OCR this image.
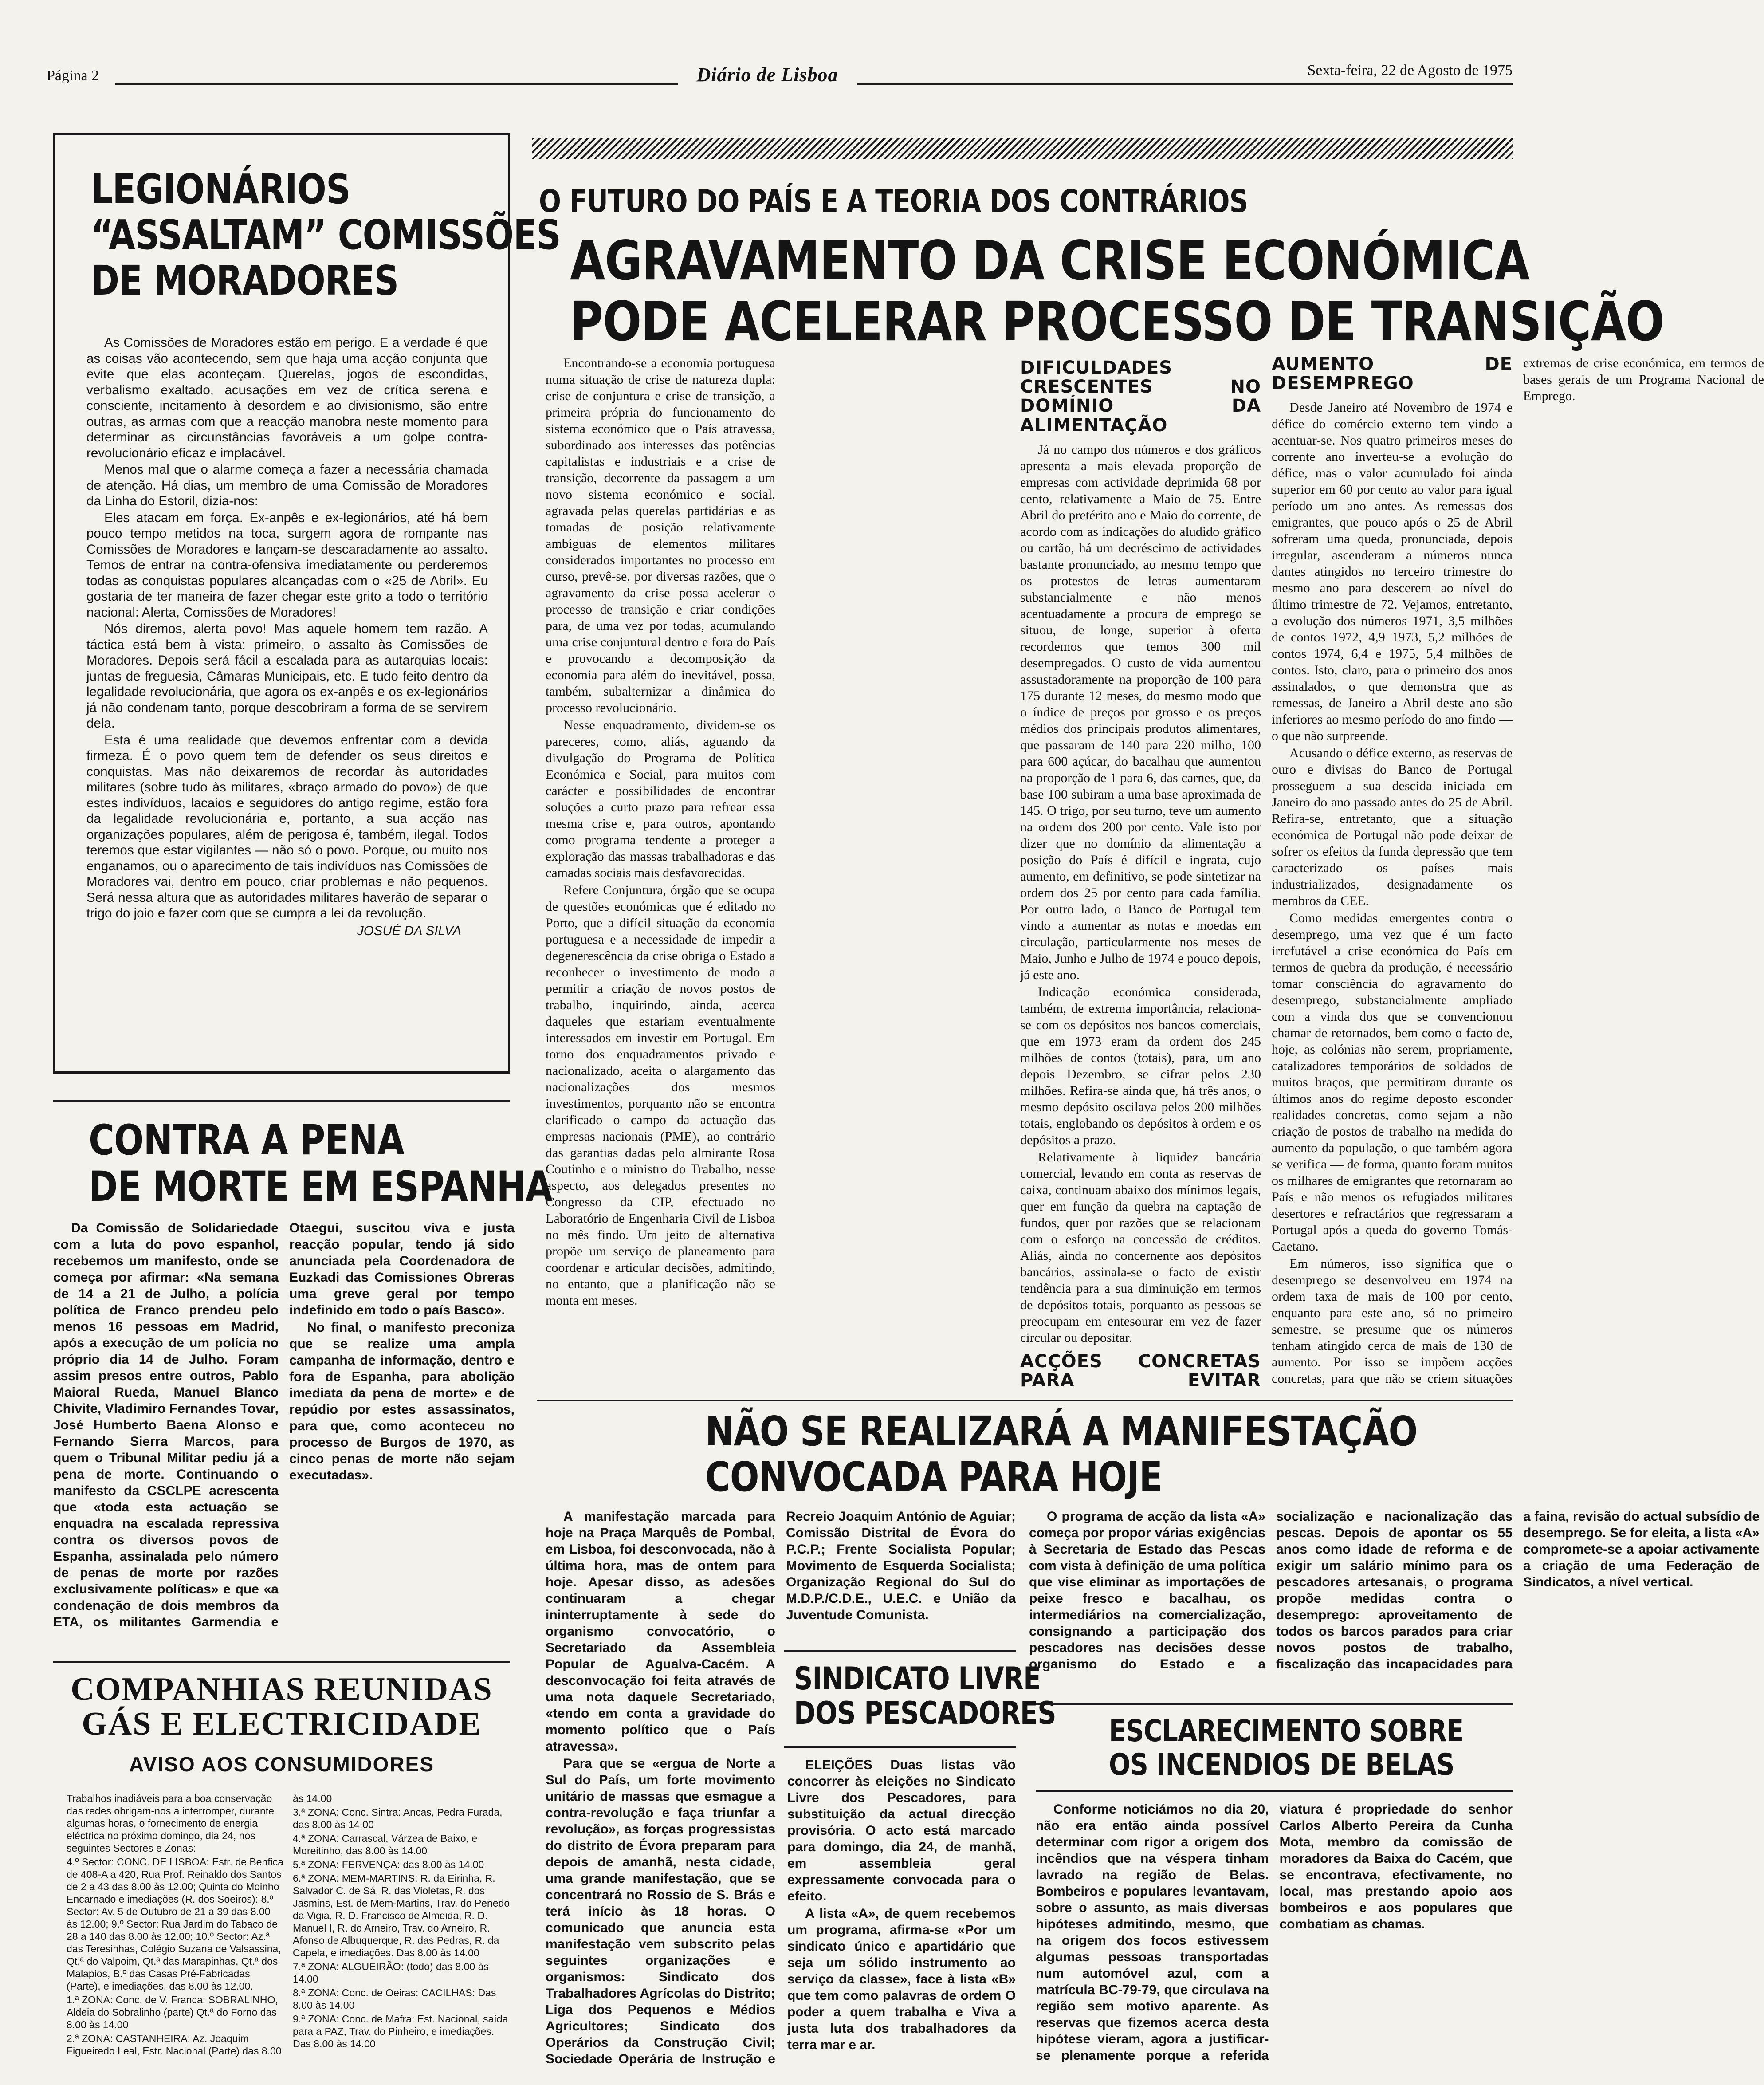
Página 2	Diário de Lisboa	Sexta-feira, 22 de Agosto de 1975
LEGIONÁRIOS
“ASSALTAM” COMISSÕES
DE MORADORES

As Comissões de Moradores estão em perigo. E a verdade é que as coisas vão acontecendo, sem que haja uma acção conjunta que evite que elas aconteçam. Querelas, jogos de escondidas, verbalismo exaltado, acusações em vez de crítica serena e consciente, incitamento à desordem e ao divisionismo, são entre outras, as armas com que a reacção manobra neste momento para determinar as circunstâncias favoráveis a um golpe contra-revolucionário eficaz e implacável.

Menos mal que o alarme começa a fazer a necessária chamada de atenção. Há dias, um membro de uma Comissão de Moradores da Linha do Estoril, dizia-nos:

Eles atacam em força. Ex-anpês e ex-legionários, até há bem pouco tempo metidos na toca, surgem agora de rompante nas Comissões de Moradores e lançam-se descaradamente ao assalto. Temos de entrar na contra-ofensiva imediatamente ou perderemos todas as conquistas populares alcançadas com o «25 de Abril». Eu gostaria de ter maneira de fazer chegar este grito a todo o território nacional: Alerta, Comissões de Moradores!

Nós diremos, alerta povo! Mas aquele homem tem razão. A táctica está bem à vista: primeiro, o assalto às Comissões de Moradores. Depois será fácil a escalada para as autarquias locais: juntas de freguesia, Câmaras Municipais, etc. E tudo feito dentro da legalidade revolucionária, que agora os ex-anpês e os ex-legionários já não condenam tanto, porque descobriram a forma de se servirem dela.

Esta é uma realidade que devemos enfrentar com a devida firmeza. É o povo quem tem de defender os seus direitos e conquistas. Mas não deixaremos de recordar às autoridades militares (sobre tudo às militares, «braço armado do povo») de que estes indivíduos, lacaios e seguidores do antigo regime, estão fora da legalidade revolucionária e, portanto, a sua acção nas organizações populares, além de perigosa é, também, ilegal. Todos teremos que estar vigilantes — não só o povo. Porque, ou muito nos enganamos, ou o aparecimento de tais indivíduos nas Comissões de Moradores vai, dentro em pouco, criar problemas e não pequenos. Será nessa altura que as autoridades militares haverão de separar o trigo do joio e fazer com que se cumpra a lei da revolução.

JOSUÉ DA SILVA

O FUTURO DO PAÍS E A TEORIA DOS CONTRÁRIOS
AGRAVAMENTO DA CRISE ECONÓMICA
PODE ACELERAR PROCESSO DE TRANSIÇÃO

Encontrando-se a economia portuguesa numa situação de crise de natureza dupla: crise de conjuntura e crise de transição, a primeira própria do funcionamento do sistema económico que o País atravessa, subordinado aos interesses das potências capitalistas e industriais e a crise de transição, decorrente da passagem a um novo sistema económico e social, agravada pelas querelas partidárias e as tomadas de posição relativamente ambíguas de elementos militares considerados importantes no processo em curso, prevê-se, por diversas razões, que o agravamento da crise possa acelerar o processo de transição e criar condições para, de uma vez por todas, acumulando uma crise conjuntural dentro e fora do País e provocando a decomposição da economia para além do inevitável, possa, também, subalternizar a dinâmica do processo revolucionário.

Nesse enquadramento, dividem-se os pareceres, como, aliás, aguando da divulgação do Programa de Política Económica e Social, para muitos com carácter e possibilidades de encontrar soluções a curto prazo para refrear essa mesma crise e, para outros, apontando como programa tendente a proteger a exploração das massas trabalhadoras e das camadas sociais mais desfavorecidas.

Refere Conjuntura, órgão que se ocupa de questões económicas que é editado no Porto, que a difícil situação da economia portuguesa e a necessidade de impedir a degenerescência da crise obriga o Estado a reconhecer o investimento de modo a permitir a criação de novos postos de trabalho, inquirindo, ainda, acerca daqueles que estariam eventualmente interessados em investir em Portugal. Em torno dos enquadramentos privado e nacionalizado, aceita o alargamento das nacionalizações dos mesmos investimentos, porquanto não se encontra clarificado o campo da actuação das empresas nacionais (PME), ao contrário das garantias dadas pelo almirante Rosa Coutinho e o ministro do Trabalho, nesse aspecto, aos delegados presentes no Congresso da CIP, efectuado no Laboratório de Engenharia Civil de Lisboa no mês findo. Um jeito de alternativa propõe um serviço de planeamento para coordenar e articular decisões, admitindo, no entanto, que a planificação não se monta em meses.

DIFICULDADES CRESCENTES NO DOMÍNIO DA ALIMENTAÇÃO

Já no campo dos números e dos gráficos apresenta a mais elevada proporção de empresas com actividade deprimida 68 por cento, relativamente a Maio de 75. Entre Abril do pretérito ano e Maio do corrente, de acordo com as indicações do aludido gráfico ou cartão, há um decréscimo de actividades bastante pronunciado, ao mesmo tempo que os protestos de letras aumentaram substancialmente e não menos acentuadamente a procura de emprego se situou, de longe, superior à oferta recordemos que temos 300 mil desempregados. O custo de vida aumentou assustadoramente na proporção de 100 para 175 durante 12 meses, do mesmo modo que o índice de preços por grosso e os preços médios dos principais produtos alimentares, que passaram de 140 para 220 milho, 100 para 600 açúcar, do bacalhau que aumentou na proporção de 1 para 6, das carnes, que, da base 100 subiram a uma base aproximada de 145. O trigo, por seu turno, teve um aumento na ordem dos 200 por cento. Vale isto por dizer que no domínio da alimentação a posição do País é difícil e ingrata, cujo aumento, em definitivo, se pode sintetizar na ordem dos 25 por cento para cada família. Por outro lado, o Banco de Portugal tem vindo a aumentar as notas e moedas em circulação, particularmente nos meses de Maio, Junho e Julho de 1974 e pouco depois, já este ano.

Indicação económica considerada, também, de extrema importância, relaciona-se com os depósitos nos bancos comerciais, que em 1973 eram da ordem dos 245 milhões de contos (totais), para, um ano depois Dezembro, se cifrar pelos 230 milhões. Refira-se ainda que, há três anos, o mesmo depósito oscilava pelos 200 milhões totais, englobando os depósitos à ordem e os depósitos a prazo.

Relativamente à liquidez bancária comercial, levando em conta as reservas de caixa, continuam abaixo dos mínimos legais, quer em função da quebra na captação de fundos, quer por razões que se relacionam com o esforço na concessão de créditos. Aliás, ainda no concernente aos depósitos bancários, assinala-se o facto de existir tendência para a sua diminuição em termos de depósitos totais, porquanto as pessoas se preocupam em entesourar em vez de fazer circular ou depositar.

ACÇÕES CONCRETAS PARA EVITAR AUMENTO DE DESEMPREGO

Desde Janeiro até Novembro de 1974 e défice do comércio externo tem vindo a acentuar-se. Nos quatro primeiros meses do corrente ano inverteu-se a evolução do défice, mas o valor acumulado foi ainda superior em 60 por cento ao valor para igual período um ano antes. As remessas dos emigrantes, que pouco após o 25 de Abril sofreram uma queda, pronunciada, depois irregular, ascenderam a números nunca dantes atingidos no terceiro trimestre do mesmo ano para descerem ao nível do último trimestre de 72. Vejamos, entretanto, a evolução dos números 1971, 3,5 milhões de contos 1972, 4,9 1973, 5,2 milhões de contos 1974, 6,4 e 1975, 5,4 milhões de contos. Isto, claro, para o primeiro dos anos assinalados, o que demonstra que as remessas, de Janeiro a Abril deste ano são inferiores ao mesmo período do ano findo — o que não surpreende.

Acusando o défice externo, as reservas de ouro e divisas do Banco de Portugal prosseguem a sua descida iniciada em Janeiro do ano passado antes do 25 de Abril. Refira-se, entretanto, que a situação económica de Portugal não pode deixar de sofrer os efeitos da funda depressão que tem caracterizado os países mais industrializados, designadamente os membros da CEE.

Como medidas emergentes contra o desemprego, uma vez que é um facto irrefutável a crise económica do País em termos de quebra da produção, é necessário tomar consciência do agravamento do desemprego, substancialmente ampliado com a vinda dos que se convencionou chamar de retornados, bem como o facto de, hoje, as colónias não serem, propriamente, catalizadores temporários de soldados de muitos braços, que permitiram durante os últimos anos do regime deposto esconder realidades concretas, como sejam a não criação de postos de trabalho na medida do aumento da população, o que também agora se verifica — de forma, quanto foram muitos os milhares de emigrantes que retornaram ao País e não menos os refugiados militares desertores e refractários que regressaram a Portugal após a queda do governo Tomás-Caetano.

Em números, isso significa que o desemprego se desenvolveu em 1974 na ordem taxa de mais de 100 por cento, enquanto para este ano, só no primeiro semestre, se presume que os números tenham atingido cerca de mais de 130 de aumento. Por isso se impõem acções concretas, para que não se criem situações extremas de crise económica, em termos de bases gerais de um Programa Nacional de Emprego.

CONTRA A PENA
DE MORTE EM ESPANHA

Da Comissão de Solidariedade com a luta do povo espanhol, recebemos um manifesto, onde se começa por afirmar: «Na semana de 14 a 21 de Julho, a polícia política de Franco prendeu pelo menos 16 pessoas em Madrid, após a execução de um polícia no próprio dia 14 de Julho. Foram assim presos entre outros, Pablo Maioral Rueda, Manuel Blanco Chivite, Vladimiro Fernandes Tovar, José Humberto Baena Alonso e Fernando Sierra Marcos, para quem o Tribunal Militar pediu já a pena de morte. Continuando o manifesto da CSCLPE acrescenta que «toda esta actuação se enquadra na escalada repressiva contra os diversos povos de Espanha, assinalada pelo número de penas de morte por razões exclusivamente políticas» e que «a condenação de dois membros da ETA, os militantes Garmendia e Otaegui, suscitou viva e justa reacção popular, tendo já sido anunciada pela Coordenadora de Euzkadi das Comissiones Obreras uma greve geral por tempo indefinido em todo o país Basco».

No final, o manifesto preconiza que se realize uma ampla campanha de informação, dentro e fora de Espanha, para abolição imediata da pena de morte» e de repúdio por estes assassinatos, para que, como aconteceu no processo de Burgos de 1970, as cinco penas de morte não sejam executadas».

COMPANHIAS REUNIDAS
GÁS E ELECTRICIDADE
AVISO AOS CONSUMIDORES

Trabalhos inadiáveis para a boa conservação das redes obrigam-nos a interromper, durante algumas horas, o fornecimento de energia eléctrica no próximo domingo, dia 24, nos seguintes Sectores e Zonas:

4.º Sector: CONC. DE LISBOA: Estr. de Benfica de 408-A a 420, Rua Prof. Reinaldo dos Santos de 2 a 43 das 8.00 às 12.00; Quinta do Moinho Encarnado e imediações (R. dos Soeiros): 8.º Sector: Av. 5 de Outubro de 21 a 39 das 8.00 às 12.00; 9.º Sector: Rua Jardim do Tabaco de 28 a 140 das 8.00 às 12.00; 10.º Sector: Az.ª das Teresinhas, Colégio Suzana de Valsassina, Qt.ª do Valpoim, Qt.ª das Marapinhas, Qt.ª dos Malapios, B.º das Casas Pré-Fabricadas (Parte), e imediações, das 8.00 às 12.00.

1.ª ZONA: Conc. de V. Franca: SOBRALINHO, Aldeia do Sobralinho (parte) Qt.ª do Forno das 8.00 às 14.00

2.ª ZONA: CASTANHEIRA: Az. Joaquim Figueiredo Leal, Estr. Nacional (Parte) das 8.00 às 14.00

3.ª ZONA: Conc. Sintra: Ancas, Pedra Furada, das 8.00 às 14.00

4.ª ZONA: Carrascal, Várzea de Baixo, e Moreitinho, das 8.00 às 14.00

5.ª ZONA: FERVENÇA: das 8.00 às 14.00

6.ª ZONA: MEM-MARTINS: R. da Eirinha, R. Salvador C. de Sá, R. das Violetas, R. dos Jasmins, Est. de Mem-Martins, Trav. do Penedo da Vigia, R. D. Francisco de Almeida, R. D. Manuel I, R. do Arneiro, Trav. do Arneiro, R. Afonso de Albuquerque, R. das Pedras, R. da Capela, e imediações. Das 8.00 às 14.00

7.ª ZONA: ALGUEIRÃO: (todo) das 8.00 às 14.00

8.ª ZONA: Conc. de Oeiras: CACILHAS: Das 8.00 às 14.00

9.ª ZONA: Conc. de Mafra: Est. Nacional, saída para a PAZ, Trav. do Pinheiro, e imediações. Das 8.00 às 14.00

NÃO SE REALIZARÁ A MANIFESTAÇÃO
CONVOCADA PARA HOJE

A manifestação marcada para hoje na Praça Marquês de Pombal, em Lisboa, foi desconvocada, não à última hora, mas de ontem para hoje. Apesar disso, as adesões continuaram a chegar ininterruptamente à sede do organismo convocatório, o Secretariado da Assembleia Popular de Agualva-Cacém. A desconvocação foi feita através de uma nota daquele Secretariado, «tendo em conta a gravidade do momento político que o País atravessa».

Para que se «ergua de Norte a Sul do País, um forte movimento unitário de massas que esmague a contra-revolução e faça triunfar a revolução», as forças progressistas do distrito de Évora preparam para depois de amanhã, nesta cidade, uma grande manifestação, que se concentrará no Rossio de S. Brás e terá início às 18 horas. O comunicado que anuncia esta manifestação vem subscrito pelas seguintes organizações e organismos: Sindicato dos Trabalhadores Agrícolas do Distrito; Liga dos Pequenos e Médios Agricultores; Sindicato dos Operários da Construção Civil; Sociedade Operária de Instrução e Recreio Joaquim António de Aguiar; Comissão Distrital de Évora do P.C.P.; Frente Socialista Popular; Movimento de Esquerda Socialista; Organização Regional do Sul do M.D.P./C.D.E., U.E.C. e União da Juventude Comunista.

SINDICATO LIVRE
DOS PESCADORES

ELEIÇÕES Duas listas vão concorrer às eleições no Sindicato Livre dos Pescadores, para substituição da actual direcção provisória. O acto está marcado para domingo, dia 24, de manhã, em assembleia geral expressamente convocada para o efeito.

A lista «A», de quem recebemos um programa, afirma-se «Por um sindicato único e apartidário que seja um sólido instrumento ao serviço da classe», face à lista «B» que tem como palavras de ordem O poder a quem trabalha e Viva a justa luta dos trabalhadores da terra mar e ar.

O programa de acção da lista «A» começa por propor várias exigências à Secretaria de Estado das Pescas com vista à definição de uma política que vise eliminar as importações de peixe fresco e bacalhau, os intermediários na comercialização, consignando a participação dos pescadores nas decisões desse organismo do Estado e a socialização e nacionalização das pescas. Depois de apontar os 55 anos como idade de reforma e de exigir um salário mínimo para os pescadores artesanais, o programa propõe medidas contra o desemprego: aproveitamento de todos os barcos parados para criar novos postos de trabalho, fiscalização das incapacidades para a faina, revisão do actual subsídio de desemprego. Se for eleita, a lista «A» compromete-se a apoiar activamente a criação de uma Federação de Sindicatos, a nível vertical.

ESCLARECIMENTO SOBRE
OS INCENDIOS DE BELAS

Conforme noticiámos no dia 20, não era então ainda possível determinar com rigor a origem dos incêndios que na véspera tinham lavrado na região de Belas. Bombeiros e populares levantavam, sobre o assunto, as mais diversas hipóteses admitindo, mesmo, que na origem dos focos estivessem algumas pessoas transportadas num automóvel azul, com a matrícula BC-79-79, que circulava na região sem motivo aparente. As reservas que fizemos acerca desta hipótese vieram, agora a justificar-se plenamente porque a referida viatura é propriedade do senhor Carlos Alberto Pereira da Cunha Mota, membro da comissão de moradores da Baixa do Cacém, que se encontrava, efectivamente, no local, mas prestando apoio aos bombeiros e aos populares que combatiam as chamas.
